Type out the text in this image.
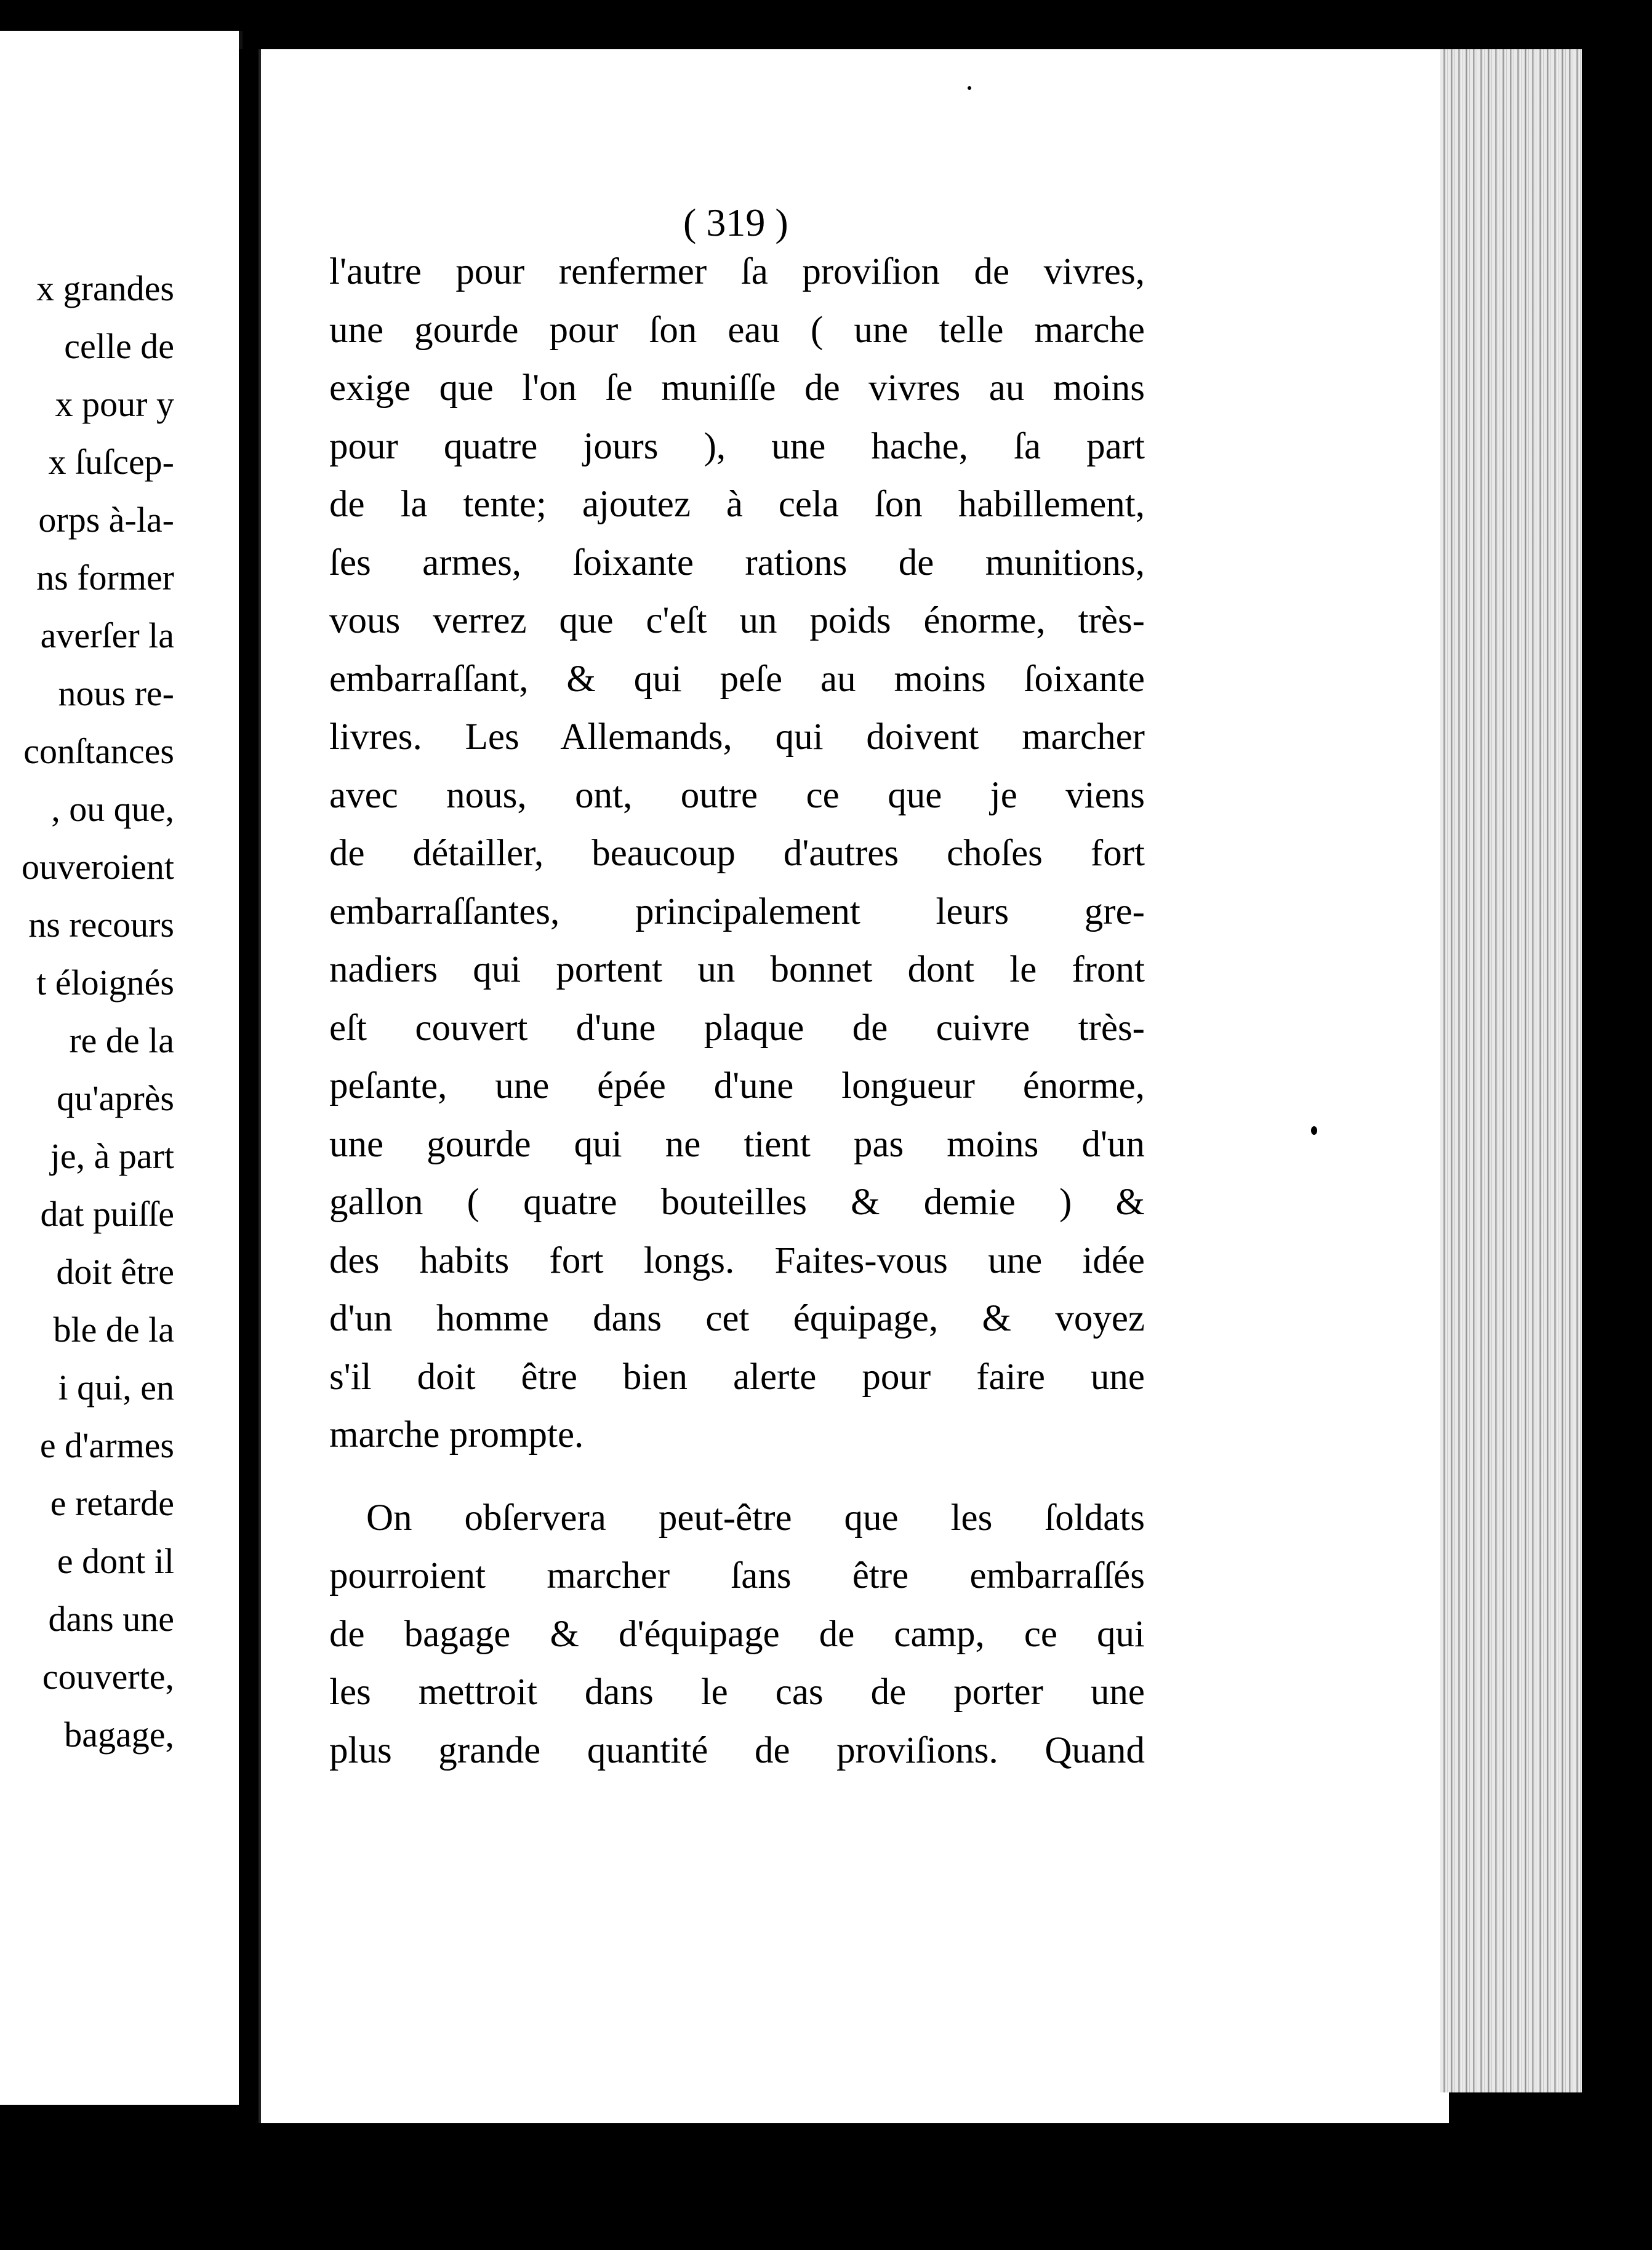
x grandes
celle de
x pour y
x ſuſcep-
orps à-la-
ns former
averſer la
nous re-
conſtances
, ou que,
ouveroient
ns recours
t éloignés
re de la
qu'après
je, à part
dat puiſſe
doit être
ble de la
i qui, en
e d'armes
e retarde
e dont il
dans une
couverte,
bagage,
( 319 )
l'autre pour renfermer ſa proviſion de vivres,
une gourde pour ſon eau ( une telle marche
exige que l'on ſe muniſſe de vivres au moins
pour quatre jours ), une hache, ſa part
de la tente; ajoutez à cela ſon habillement,
ſes armes, ſoixante rations de munitions,
vous verrez que c'eſt un poids énorme, très-
embarraſſant, & qui peſe au moins ſoixante
livres. Les Allemands, qui doivent marcher
avec nous, ont, outre ce que je viens
de détailler, beaucoup d'autres choſes fort
embarraſſantes, principalement leurs gre-
nadiers qui portent un bonnet dont le front
eſt couvert d'une plaque de cuivre très-
peſante, une épée d'une longueur énorme,
une gourde qui ne tient pas moins d'un
gallon ( quatre bouteilles & demie ) &
des habits fort longs. Faites-vous une idée
d'un homme dans cet équipage, & voyez
s'il doit être bien alerte pour faire une
marche prompte.
On obſervera peut-être que les ſoldats
pourroient marcher ſans être embarraſſés
de bagage & d'équipage de camp, ce qui
les mettroit dans le cas de porter une
plus grande quantité de proviſions. Quand
